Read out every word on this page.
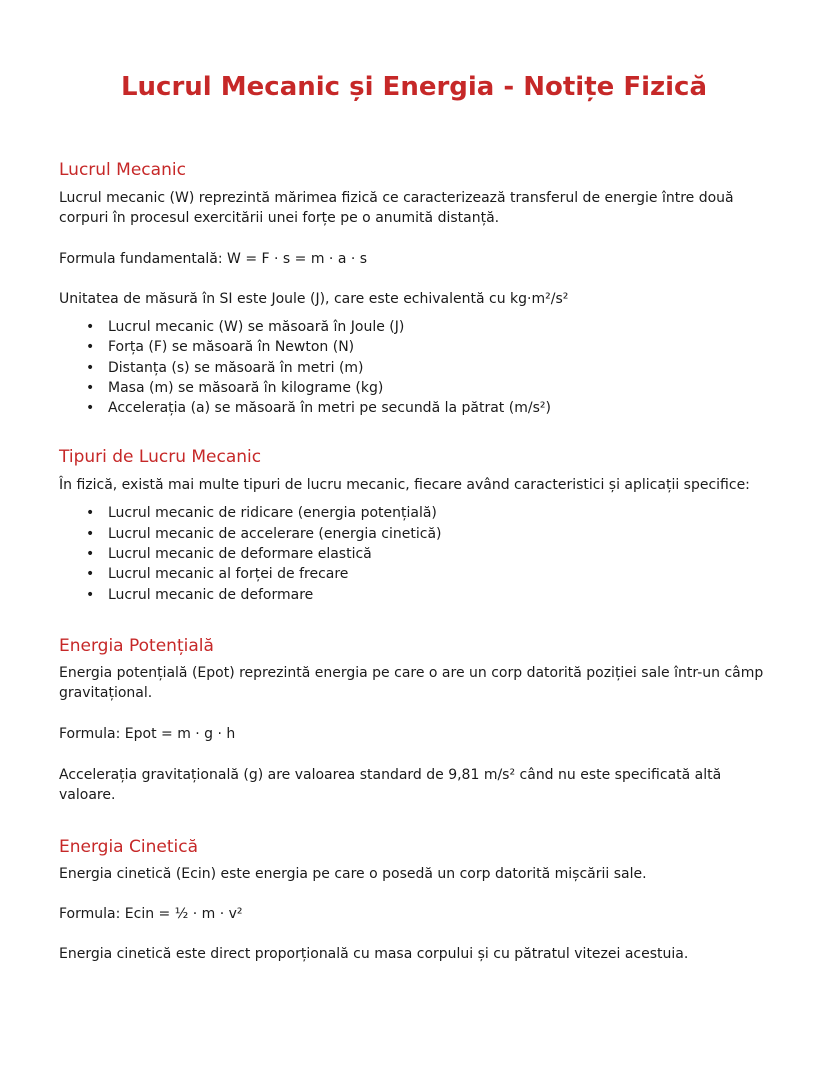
Lucrul Mecanic și Energia - Notițe Fizică
Lucrul Mecanic

Lucrul mecanic (W) reprezintă mărimea fizică ce caracterizează transferul de energie între două corpuri în procesul exercitării unei forțe pe o anumită distanță.

Formula fundamentală: W = F · s = m · a · s

Unitatea de măsură în SI este Joule (J), care este echivalentă cu kg·m²/s²

• Lucrul mecanic (W) se măsoară în Joule (J)
• Forța (F) se măsoară în Newton (N)
• Distanța (s) se măsoară în metri (m)
• Masa (m) se măsoară în kilograme (kg)
• Accelerația (a) se măsoară în metri pe secundă la pătrat (m/s²)
Tipuri de Lucru Mecanic

În fizică, există mai multe tipuri de lucru mecanic, fiecare având caracteristici și aplicații specifice:

• Lucrul mecanic de ridicare (energia potențială)
• Lucrul mecanic de accelerare (energia cinetică)
• Lucrul mecanic de deformare elastică
• Lucrul mecanic al forței de frecare
• Lucrul mecanic de deformare
Energia Potențială

Energia potențială (Epot) reprezintă energia pe care o are un corp datorită poziției sale într-un câmp gravitațional.

Formula: Epot = m · g · h

Accelerația gravitațională (g) are valoarea standard de 9,81 m/s² când nu este specificată altă valoare.

Energia Cinetică

Energia cinetică (Ecin) este energia pe care o posedă un corp datorită mișcării sale.

Formula: Ecin = ½ · m · v²

Energia cinetică este direct proporțională cu masa corpului și cu pătratul vitezei acestuia.
